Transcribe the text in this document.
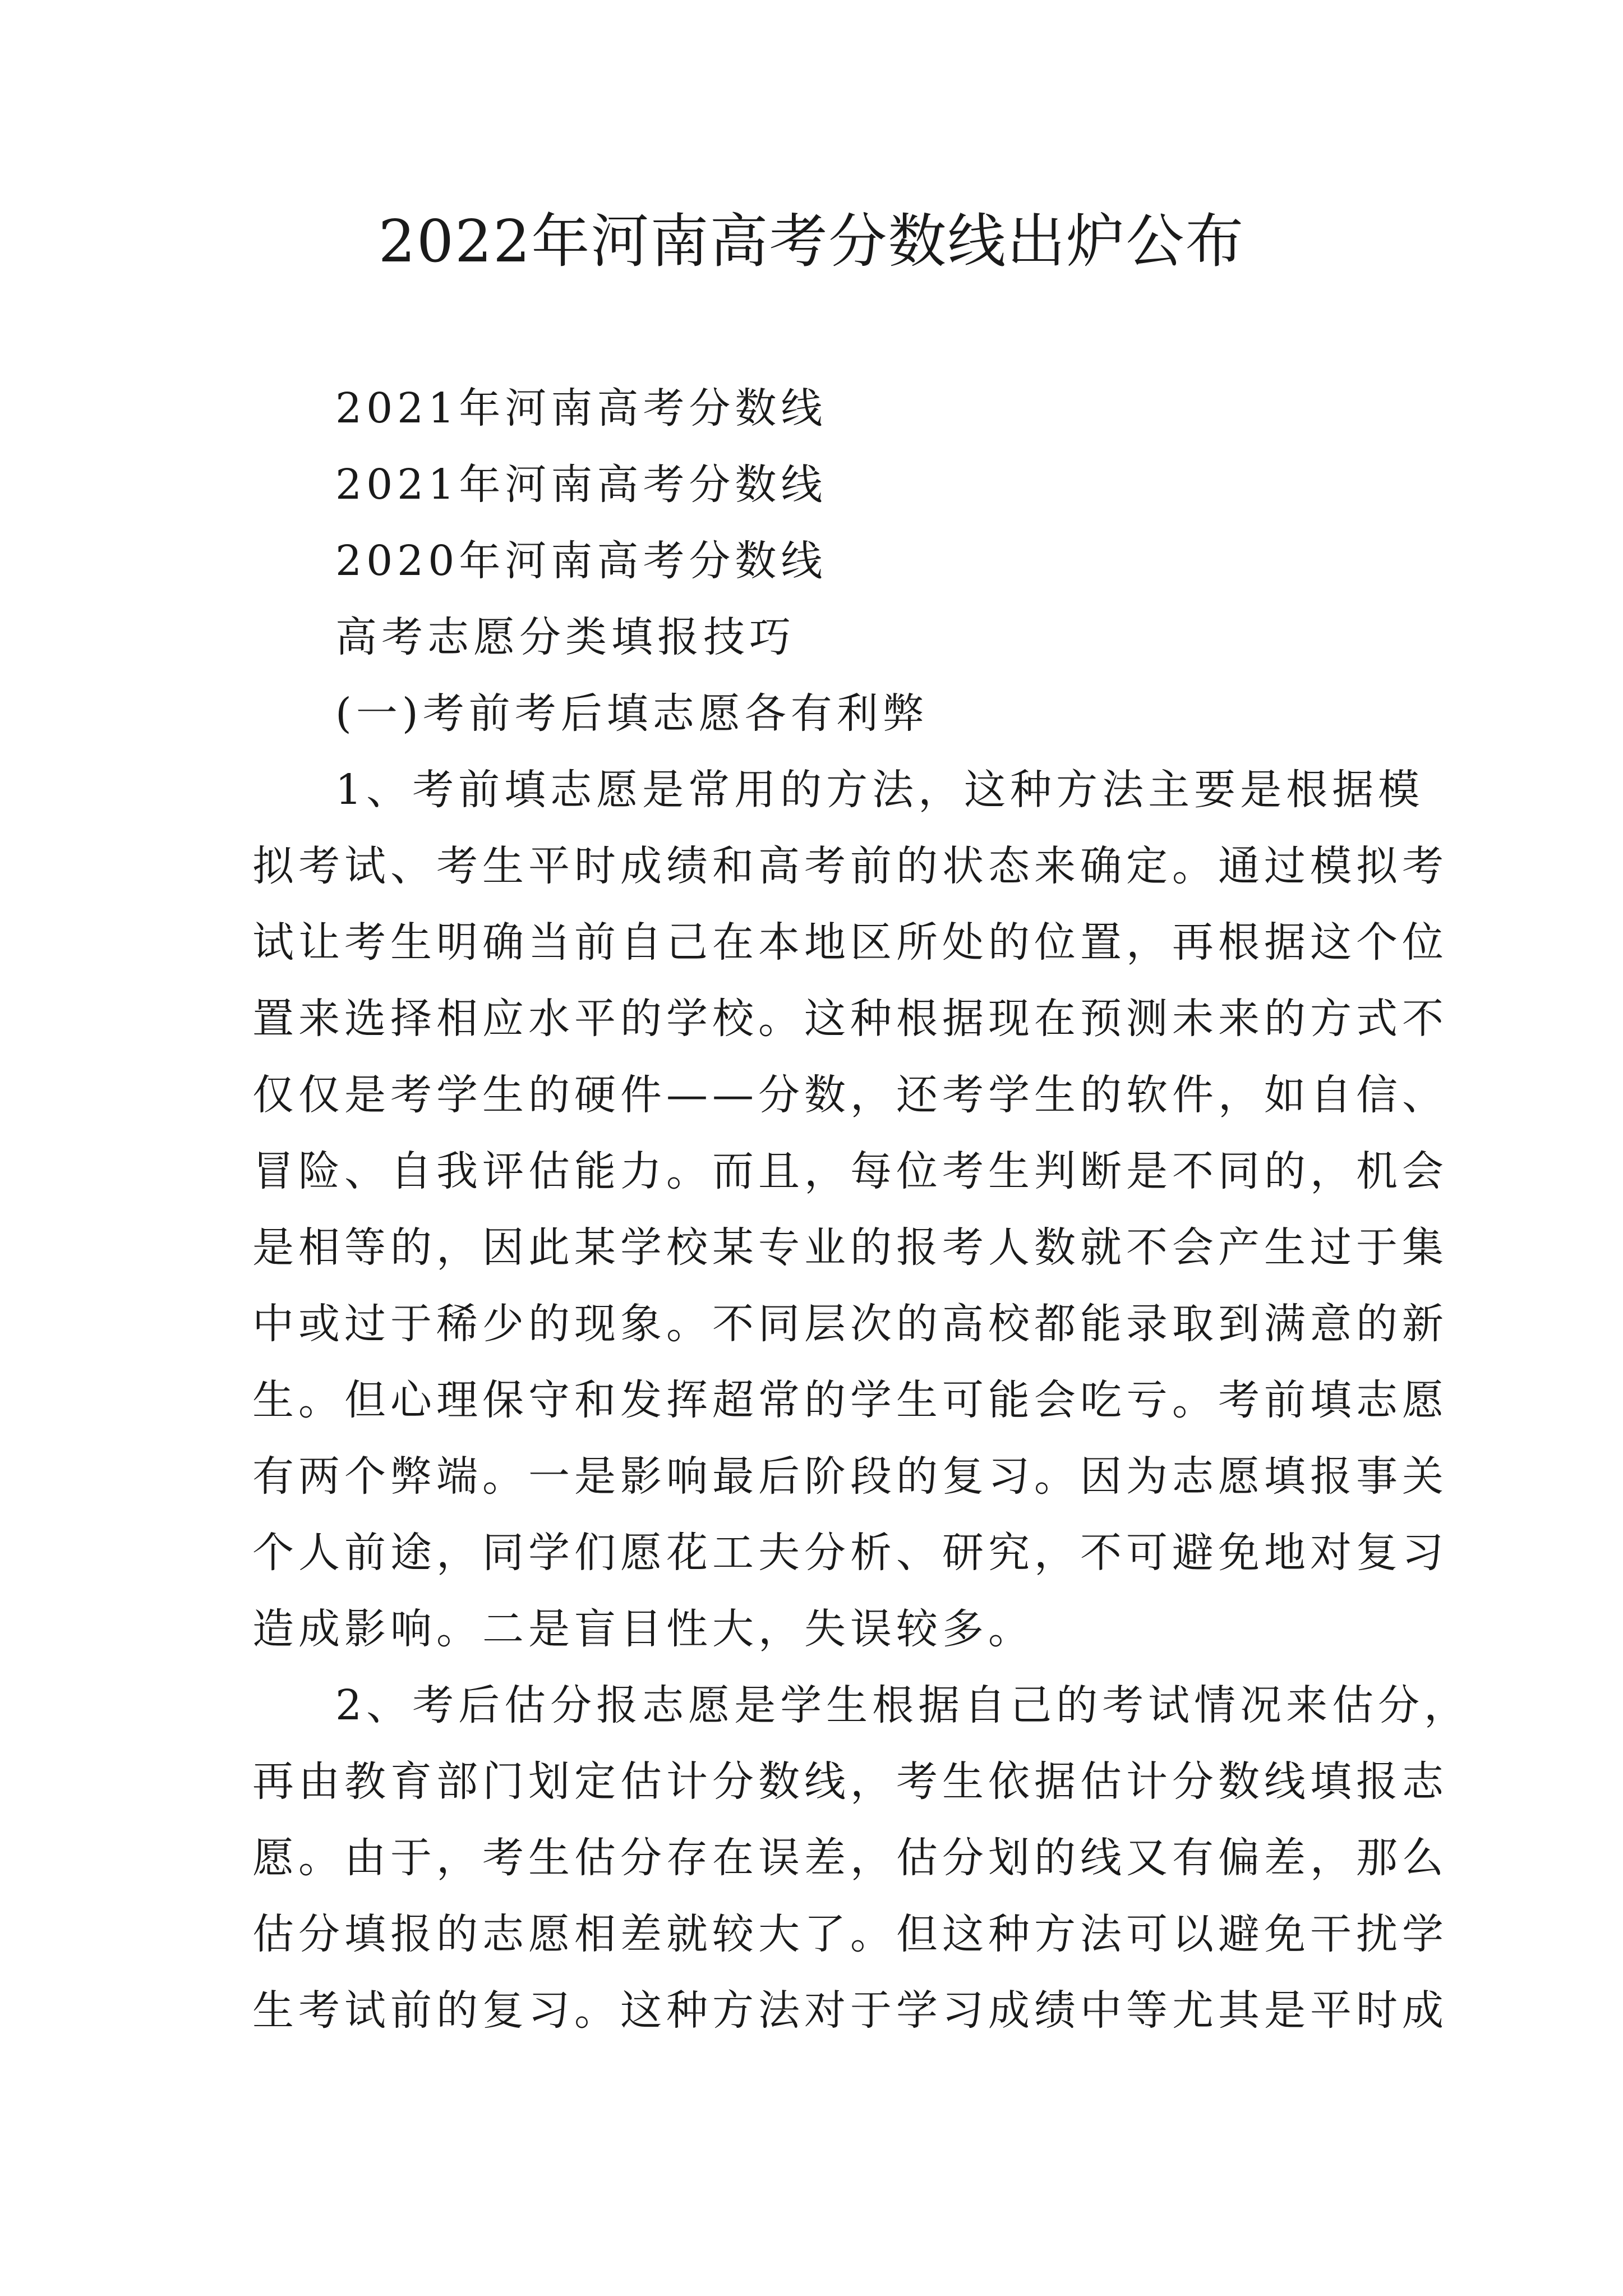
2022年河南高考分数线出炉公布

2021年河南高考分数线

2021年河南高考分数线

2020年河南高考分数线

高考志愿分类填报技巧

(一)考前考后填志愿各有利弊

1、考前填志愿是常用的方法，这种方法主要是根据模

拟考试、考生平时成绩和高考前的状态来确定。通过模拟考

试让考生明确当前自己在本地区所处的位置，再根据这个位

置来选择相应水平的学校。这种根据现在预测未来的方式不

仅仅是考学生的硬件——分数，还考学生的软件，如自信、

冒险、自我评估能力。而且，每位考生判断是不同的，机会

是相等的，因此某学校某专业的报考人数就不会产生过于集

中或过于稀少的现象。不同层次的高校都能录取到满意的新

生。但心理保守和发挥超常的学生可能会吃亏。考前填志愿

有两个弊端。一是影响最后阶段的复习。因为志愿填报事关

个人前途，同学们愿花工夫分析、研究，不可避免地对复习

造成影响。二是盲目性大，失误较多。

2、考后估分报志愿是学生根据自己的考试情况来估分，

再由教育部门划定估计分数线，考生依据估计分数线填报志

愿。由于，考生估分存在误差，估分划的线又有偏差，那么

估分填报的志愿相差就较大了。但这种方法可以避免干扰学

生考试前的复习。这种方法对于学习成绩中等尤其是平时成
